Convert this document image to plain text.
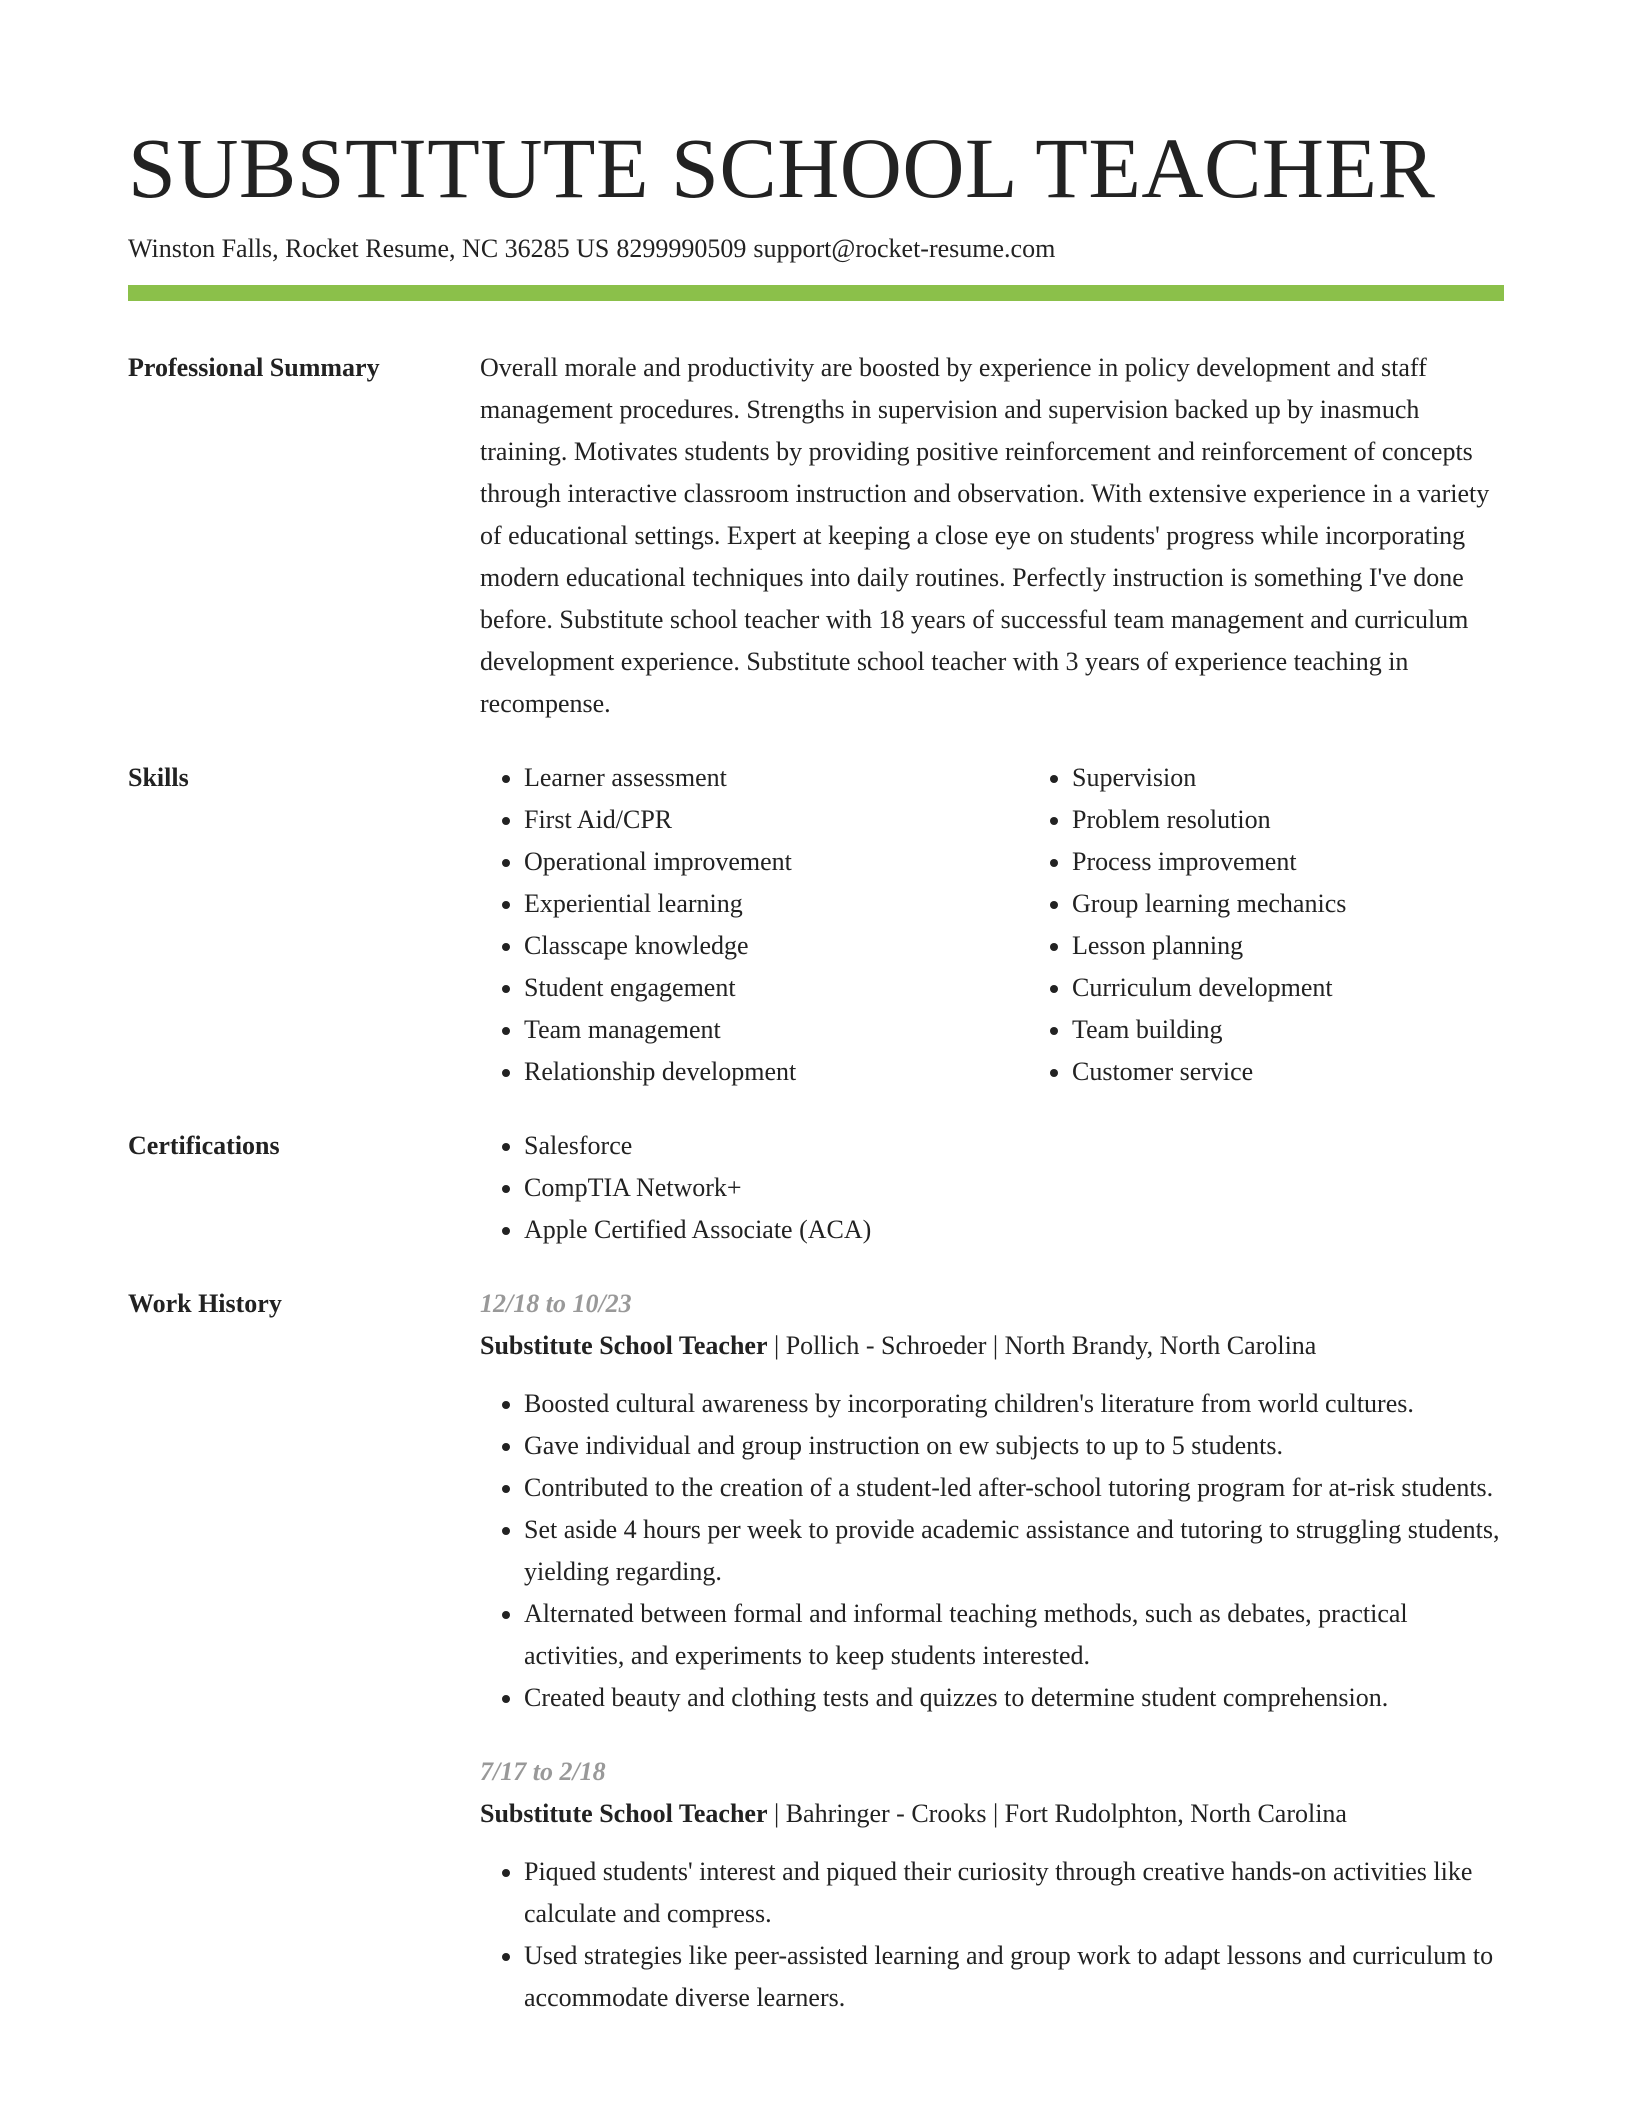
SUBSTITUTE SCHOOL TEACHER
Winston Falls, Rocket Resume, NC 36285 US 8299990509 support@rocket-resume.com
Professional Summary	Overall morale and productivity are boosted by experience in policy development and staff management procedures. Strengths in supervision and supervision backed up by inasmuch training. Motivates students by providing positive reinforcement and reinforcement of concepts through interactive classroom instruction and observation. With extensive experience in a variety of educational settings. Expert at keeping a close eye on students' progress while incorporating modern educational techniques into daily routines. Perfectly instruction is something I've done before. Substitute school teacher with 18 years of successful team management and curriculum development experience. Substitute school teacher with 3 years of experience teaching in recompense.

Skills	• Learner assessment
• First Aid/CPR
• Operational improvement
• Experiential learning
• Classcape knowledge
• Student engagement
• Team management
• Relationship development
• Supervision
• Problem resolution
• Process improvement
• Group learning mechanics
• Lesson planning
• Curriculum development
• Team building
• Customer service
Certifications	• Salesforce
• CompTIA Network+
• Apple Certified Associate (ACA)
Work History	12/18 to 10/23
Substitute School Teacher | Pollich - Schroeder | North Brandy, North Carolina
• Boosted cultural awareness by incorporating children's literature from world cultures.
• Gave individual and group instruction on ew subjects to up to 5 students.
• Contributed to the creation of a student-led after-school tutoring program for at-risk students.
• Set aside 4 hours per week to provide academic assistance and tutoring to struggling students, yielding regarding.
• Alternated between formal and informal teaching methods, such as debates, practical activities, and experiments to keep students interested.
• Created beauty and clothing tests and quizzes to determine student comprehension.
7/17 to 2/18
Substitute School Teacher | Bahringer - Crooks | Fort Rudolphton, North Carolina
• Piqued students' interest and piqued their curiosity through creative hands-on activities like calculate and compress.
• Used strategies like peer-assisted learning and group work to adapt lessons and curriculum to accommodate diverse learners.
